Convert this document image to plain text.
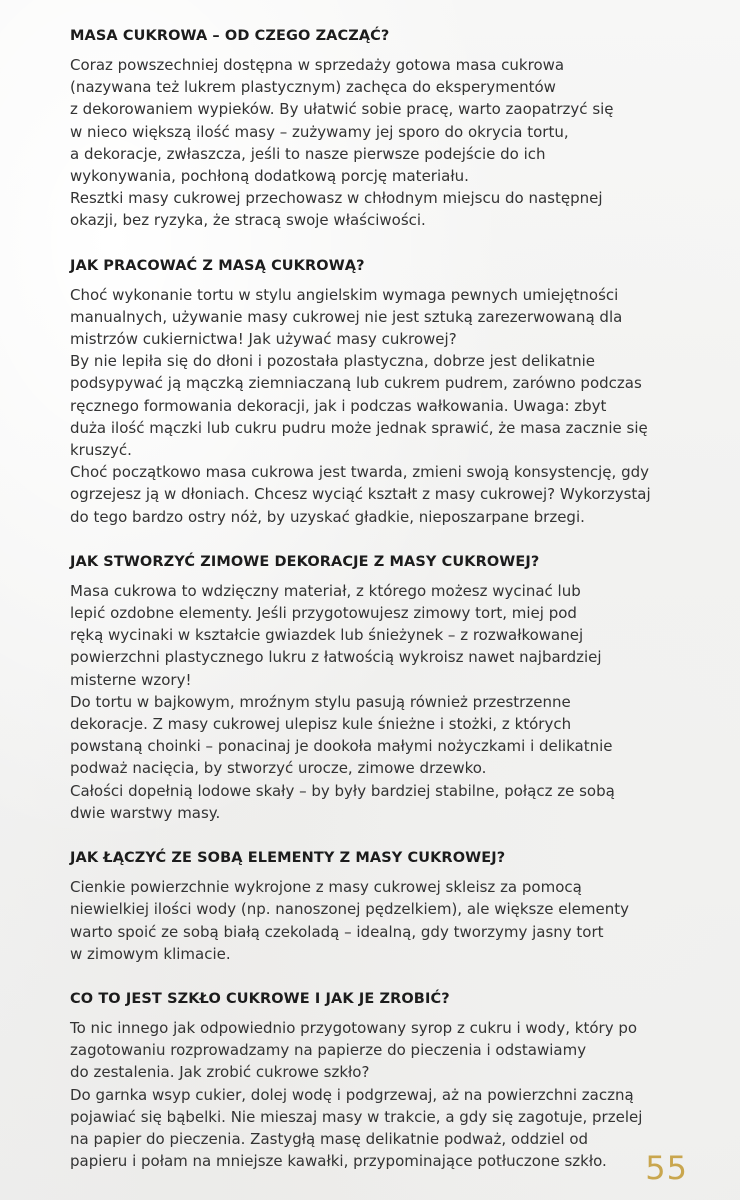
MASA CUKROWA – OD CZEGO ZACZĄĆ?
Coraz powszechniej dostępna w sprzedaży gotowa masa cukrowa
(nazywana też lukrem plastycznym) zachęca do eksperymentów
z dekorowaniem wypieków. By ułatwić sobie pracę, warto zaopatrzyć się
w nieco większą ilość masy – zużywamy jej sporo do okrycia tortu,
a dekoracje, zwłaszcza, jeśli to nasze pierwsze podejście do ich
wykonywania, pochłoną dodatkową porcję materiału.
Resztki masy cukrowej przechowasz w chłodnym miejscu do następnej
okazji, bez ryzyka, że stracą swoje właściwości.
JAK PRACOWAĆ Z MASĄ CUKROWĄ?
Choć wykonanie tortu w stylu angielskim wymaga pewnych umiejętności
manualnych, używanie masy cukrowej nie jest sztuką zarezerwowaną dla
mistrzów cukiernictwa! Jak używać masy cukrowej?
By nie lepiła się do dłoni i pozostała plastyczna, dobrze jest delikatnie
podsypywać ją mączką ziemniaczaną lub cukrem pudrem, zarówno podczas
ręcznego formowania dekoracji, jak i podczas wałkowania. Uwaga: zbyt
duża ilość mączki lub cukru pudru może jednak sprawić, że masa zacznie się
kruszyć.
Choć początkowo masa cukrowa jest twarda, zmieni swoją konsystencję, gdy
ogrzejesz ją w dłoniach. Chcesz wyciąć kształt z masy cukrowej? Wykorzystaj
do tego bardzo ostry nóż, by uzyskać gładkie, nieposzarpane brzegi.
JAK STWORZYĆ ZIMOWE DEKORACJE Z MASY CUKROWEJ?
Masa cukrowa to wdzięczny materiał, z którego możesz wycinać lub
lepić ozdobne elementy. Jeśli przygotowujesz zimowy tort, miej pod
ręką wycinaki w kształcie gwiazdek lub śnieżynek – z rozwałkowanej
powierzchni plastycznego lukru z łatwością wykroisz nawet najbardziej
misterne wzory!
Do tortu w bajkowym, mroźnym stylu pasują również przestrzenne
dekoracje. Z masy cukrowej ulepisz kule śnieżne i stożki, z których
powstaną choinki – ponacinaj je dookoła małymi nożyczkami i delikatnie
podważ nacięcia, by stworzyć urocze, zimowe drzewko.
Całości dopełnią lodowe skały – by były bardziej stabilne, połącz ze sobą
dwie warstwy masy.
JAK ŁĄCZYĆ ZE SOBĄ ELEMENTY Z MASY CUKROWEJ?
Cienkie powierzchnie wykrojone z masy cukrowej skleisz za pomocą
niewielkiej ilości wody (np. nanoszonej pędzelkiem), ale większe elementy
warto spoić ze sobą białą czekoladą – idealną, gdy tworzymy jasny tort
w zimowym klimacie.
CO TO JEST SZKŁO CUKROWE I JAK JE ZROBIĆ?
To nic innego jak odpowiednio przygotowany syrop z cukru i wody, który po
zagotowaniu rozprowadzamy na papierze do pieczenia i odstawiamy
do zestalenia. Jak zrobić cukrowe szkło?
Do garnka wsyp cukier, dolej wodę i podgrzewaj, aż na powierzchni zaczną
pojawiać się bąbelki. Nie mieszaj masy w trakcie, a gdy się zagotuje, przelej
na papier do pieczenia. Zastygłą masę delikatnie podważ, oddziel od
papieru i połam na mniejsze kawałki, przypominające potłuczone szkło.	55
